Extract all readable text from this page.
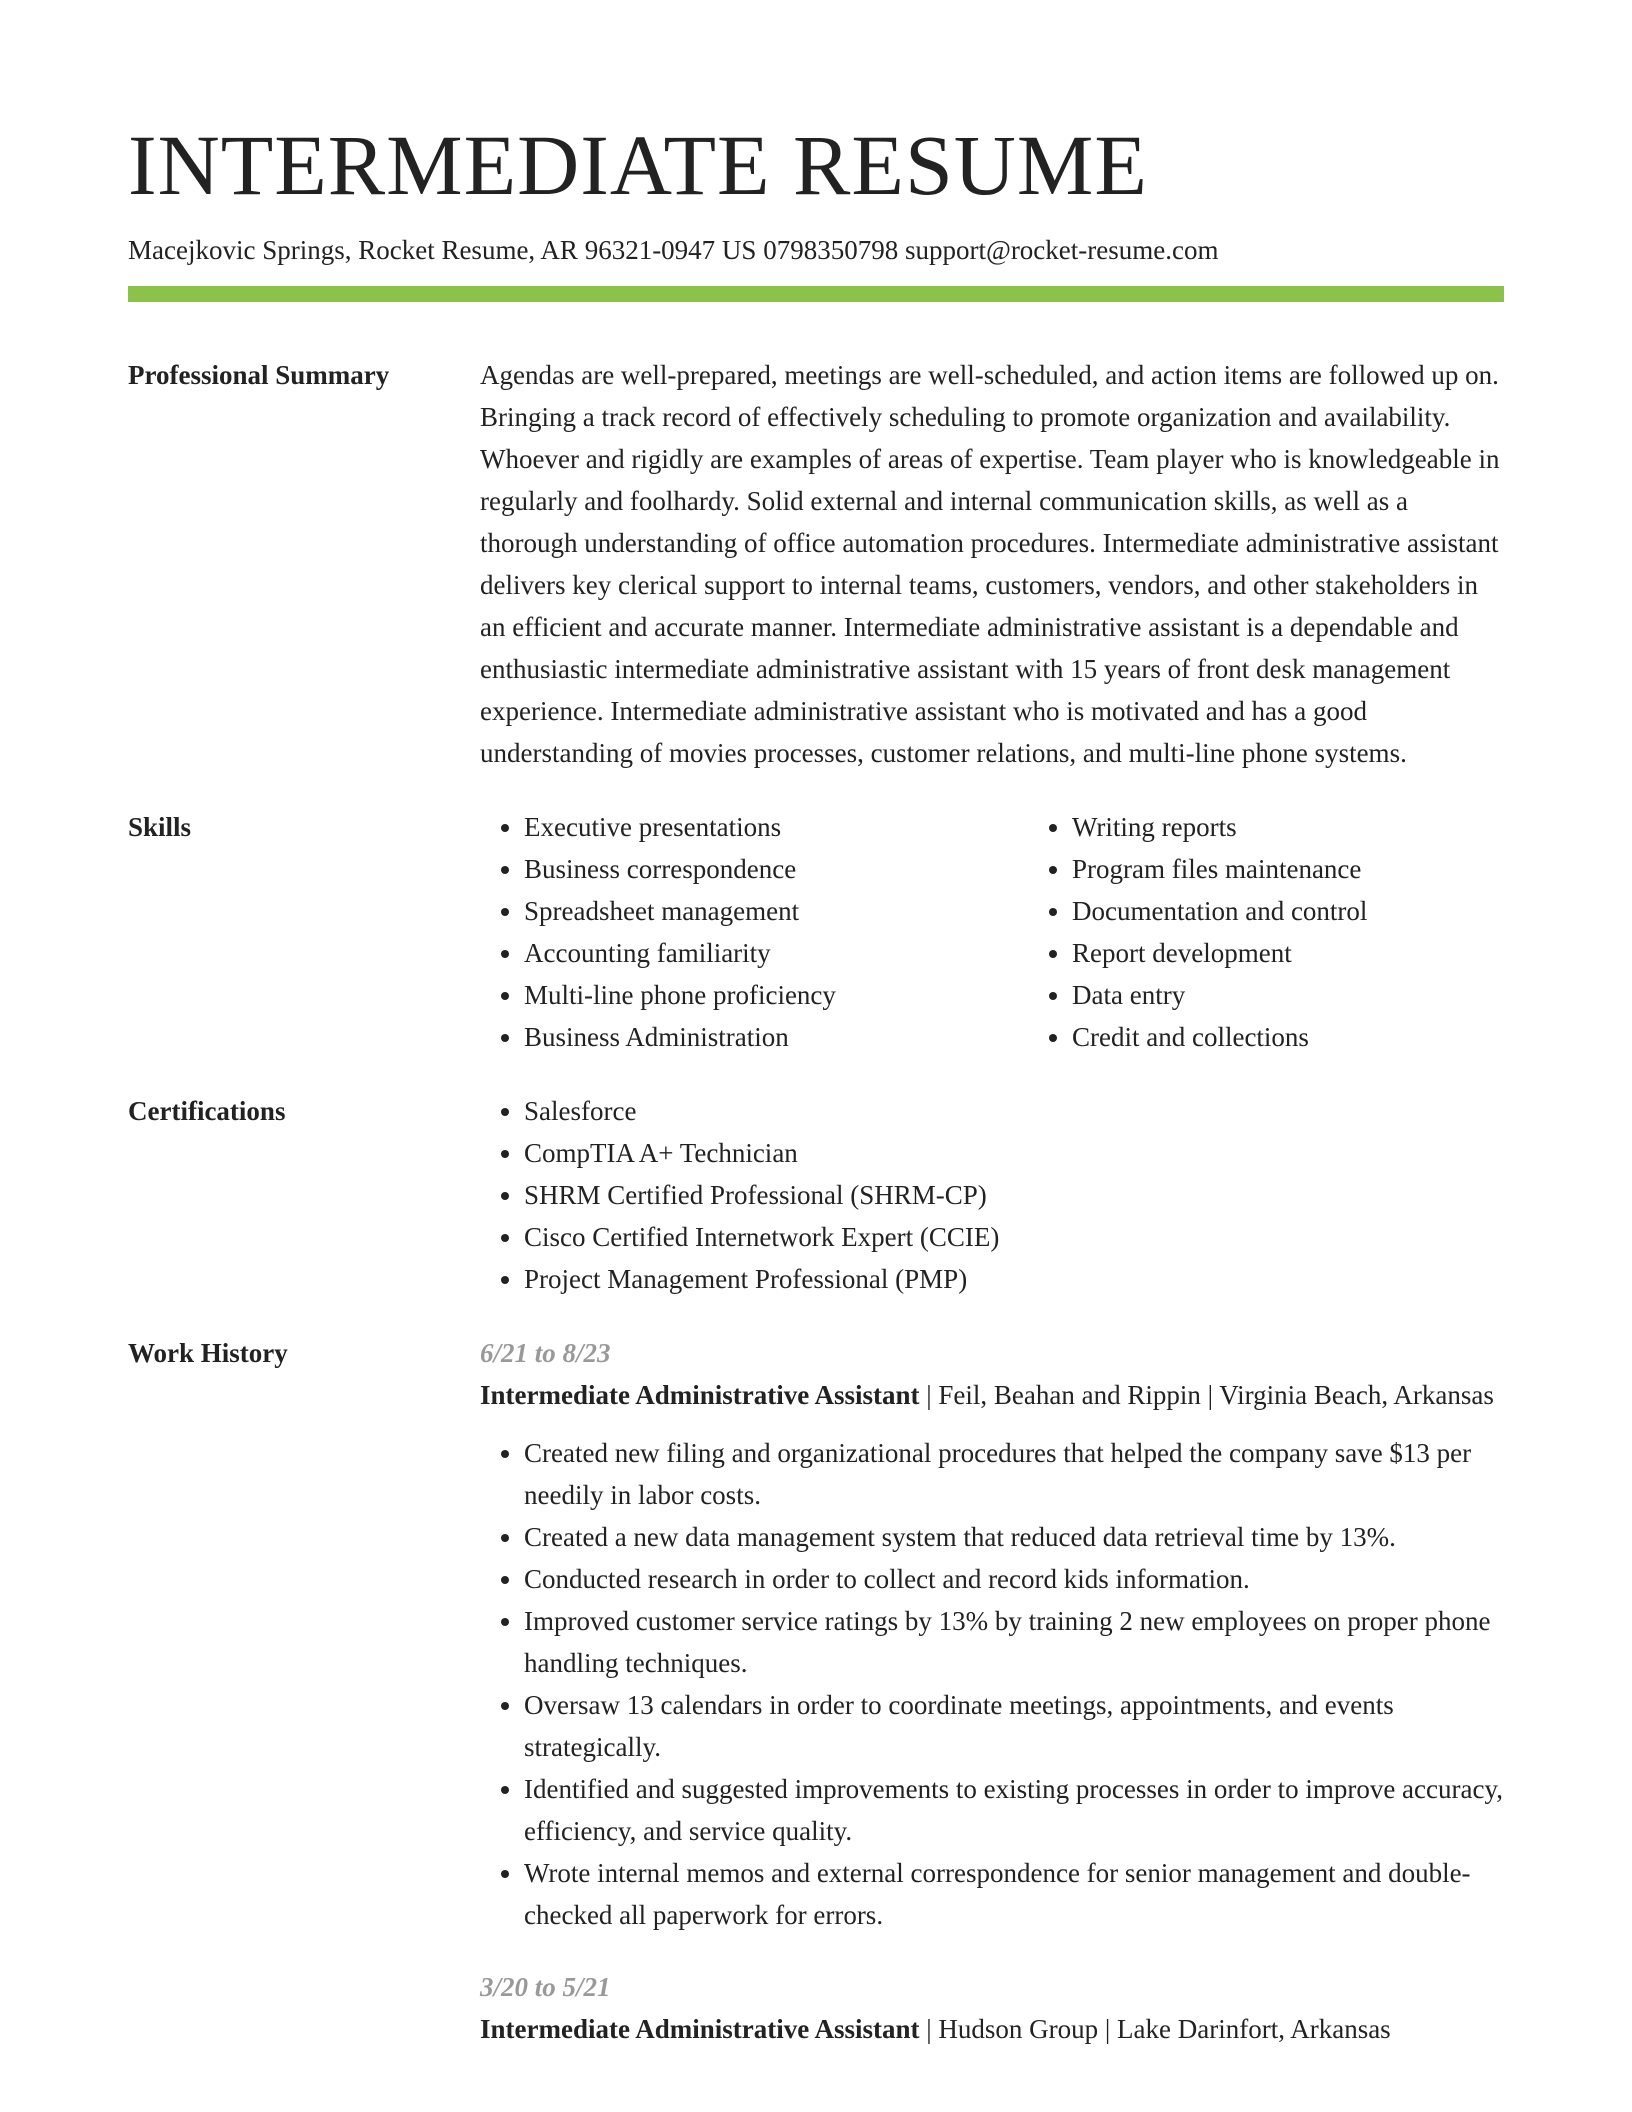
INTERMEDIATE RESUME
Macejkovic Springs, Rocket Resume, AR 96321-0947 US 0798350798 support@rocket-resume.com
Professional Summary	Agendas are well-prepared, meetings are well-scheduled, and action items are followed up on. Bringing a track record of effectively scheduling to promote organization and availability. Whoever and rigidly are examples of areas of expertise. Team player who is knowledgeable in regularly and foolhardy. Solid external and internal communication skills, as well as a thorough understanding of office automation procedures. Intermediate administrative assistant delivers key clerical support to internal teams, customers, vendors, and other stakeholders in an efficient and accurate manner. Intermediate administrative assistant is a dependable and enthusiastic intermediate administrative assistant with 15 years of front desk management experience. Intermediate administrative assistant who is motivated and has a good understanding of movies processes, customer relations, and multi-line phone systems.

Skills	• Executive presentations
• Business correspondence
• Spreadsheet management
• Accounting familiarity
• Multi-line phone proficiency
• Business Administration
• Writing reports
• Program files maintenance
• Documentation and control
• Report development
• Data entry
• Credit and collections
Certifications	• Salesforce
• CompTIA A+ Technician
• SHRM Certified Professional (SHRM-CP)
• Cisco Certified Internetwork Expert (CCIE)
• Project Management Professional (PMP)
Work History	6/21 to 8/23
Intermediate Administrative Assistant | Feil, Beahan and Rippin | Virginia Beach, Arkansas
• Created new filing and organizational procedures that helped the company save $13 per needily in labor costs.
• Created a new data management system that reduced data retrieval time by 13%.
• Conducted research in order to collect and record kids information.
• Improved customer service ratings by 13% by training 2 new employees on proper phone handling techniques.
• Oversaw 13 calendars in order to coordinate meetings, appointments, and events strategically.
• Identified and suggested improvements to existing processes in order to improve accuracy, efficiency, and service quality.
• Wrote internal memos and external correspondence for senior management and double-checked all paperwork for errors.
3/20 to 5/21
Intermediate Administrative Assistant | Hudson Group | Lake Darinfort, Arkansas
